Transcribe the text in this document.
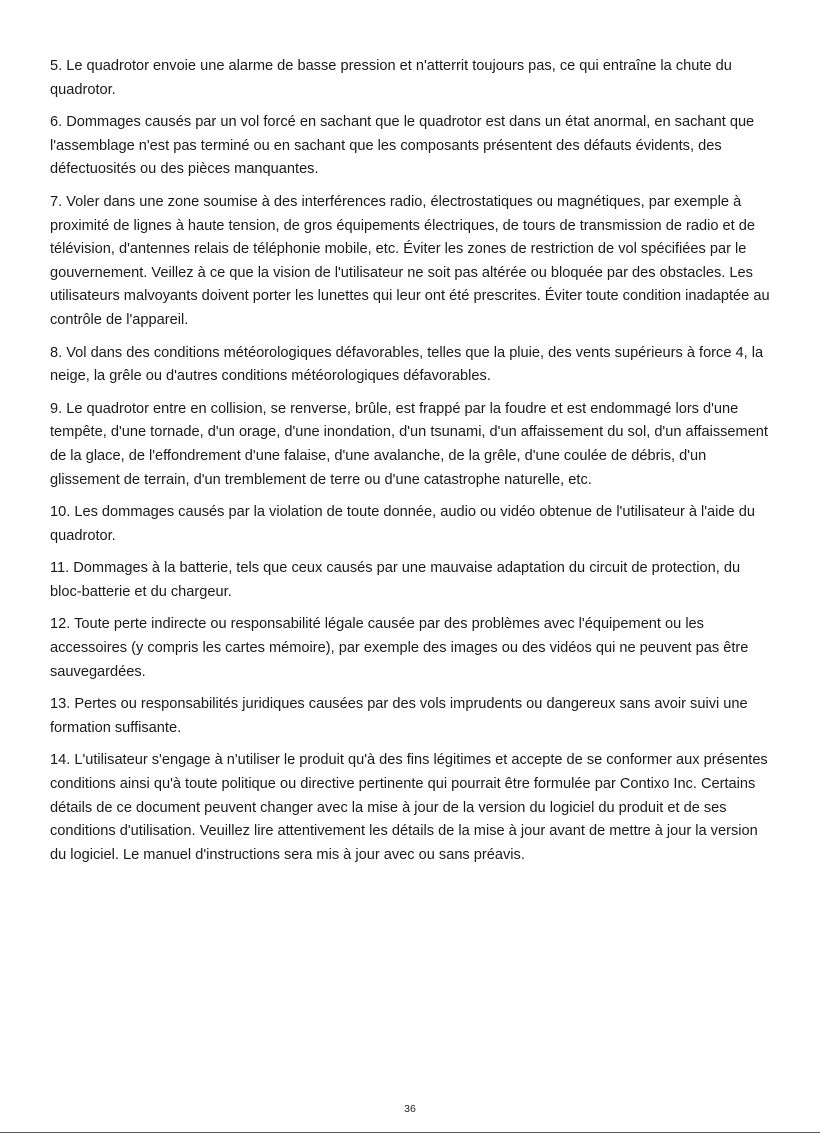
5. Le quadrotor envoie une alarme de basse pression et n'atterrit toujours pas, ce qui entraîne la chute du quadrotor.

6. Dommages causés par un vol forcé en sachant que le quadrotor est dans un état anormal, en sachant que l'assemblage n'est pas terminé ou en sachant que les composants présentent des défauts évidents, des défectuosités ou des pièces manquantes.

7. Voler dans une zone soumise à des interférences radio, électrostatiques ou magnétiques, par exemple à proximité de lignes à haute tension, de gros équipements électriques, de tours de transmission de radio et de télévision, d'antennes relais de téléphonie mobile, etc. Éviter les zones de restriction de vol spécifiées par le gouvernement. Veillez à ce que la vision de l'utilisateur ne soit pas altérée ou bloquée par des obstacles. Les utilisateurs malvoyants doivent porter les lunettes qui leur ont été prescrites. Éviter toute condition inadaptée au contrôle de l'appareil.

8. Vol dans des conditions météorologiques défavorables, telles que la pluie, des vents supérieurs à force 4, la neige, la grêle ou d'autres conditions météorologiques défavorables.

9. Le quadrotor entre en collision, se renverse, brûle, est frappé par la foudre et est endommagé lors d'une tempête, d'une tornade, d'un orage, d'une inondation, d'un tsunami, d'un affaissement du sol, d'un affaissement de la glace, de l'effondrement d'une falaise, d'une avalanche, de la grêle, d'une coulée de débris, d'un glissement de terrain, d'un tremblement de terre ou d'une catastrophe naturelle, etc.

10. Les dommages causés par la violation de toute donnée, audio ou vidéo obtenue de l'utilisateur à l'aide du quadrotor.

11. Dommages à la batterie, tels que ceux causés par une mauvaise adaptation du circuit de protection, du bloc-batterie et du chargeur.

12. Toute perte indirecte ou responsabilité légale causée par des problèmes avec l'équipement ou les accessoires (y compris les cartes mémoire), par exemple des images ou des vidéos qui ne peuvent pas être sauvegardées.

13. Pertes ou responsabilités juridiques causées par des vols imprudents ou dangereux sans avoir suivi une formation suffisante.

14. L'utilisateur s'engage à n'utiliser le produit qu'à des fins légitimes et accepte de se conformer aux présentes conditions ainsi qu'à toute politique ou directive pertinente qui pourrait être formulée par Contixo Inc. Certains détails de ce document peuvent changer avec la mise à jour de la version du logiciel du produit et de ses conditions d'utilisation. Veuillez lire attentivement les détails de la mise à jour avant de mettre à jour la version du logiciel. Le manuel d'instructions sera mis à jour avec ou sans préavis.

36
